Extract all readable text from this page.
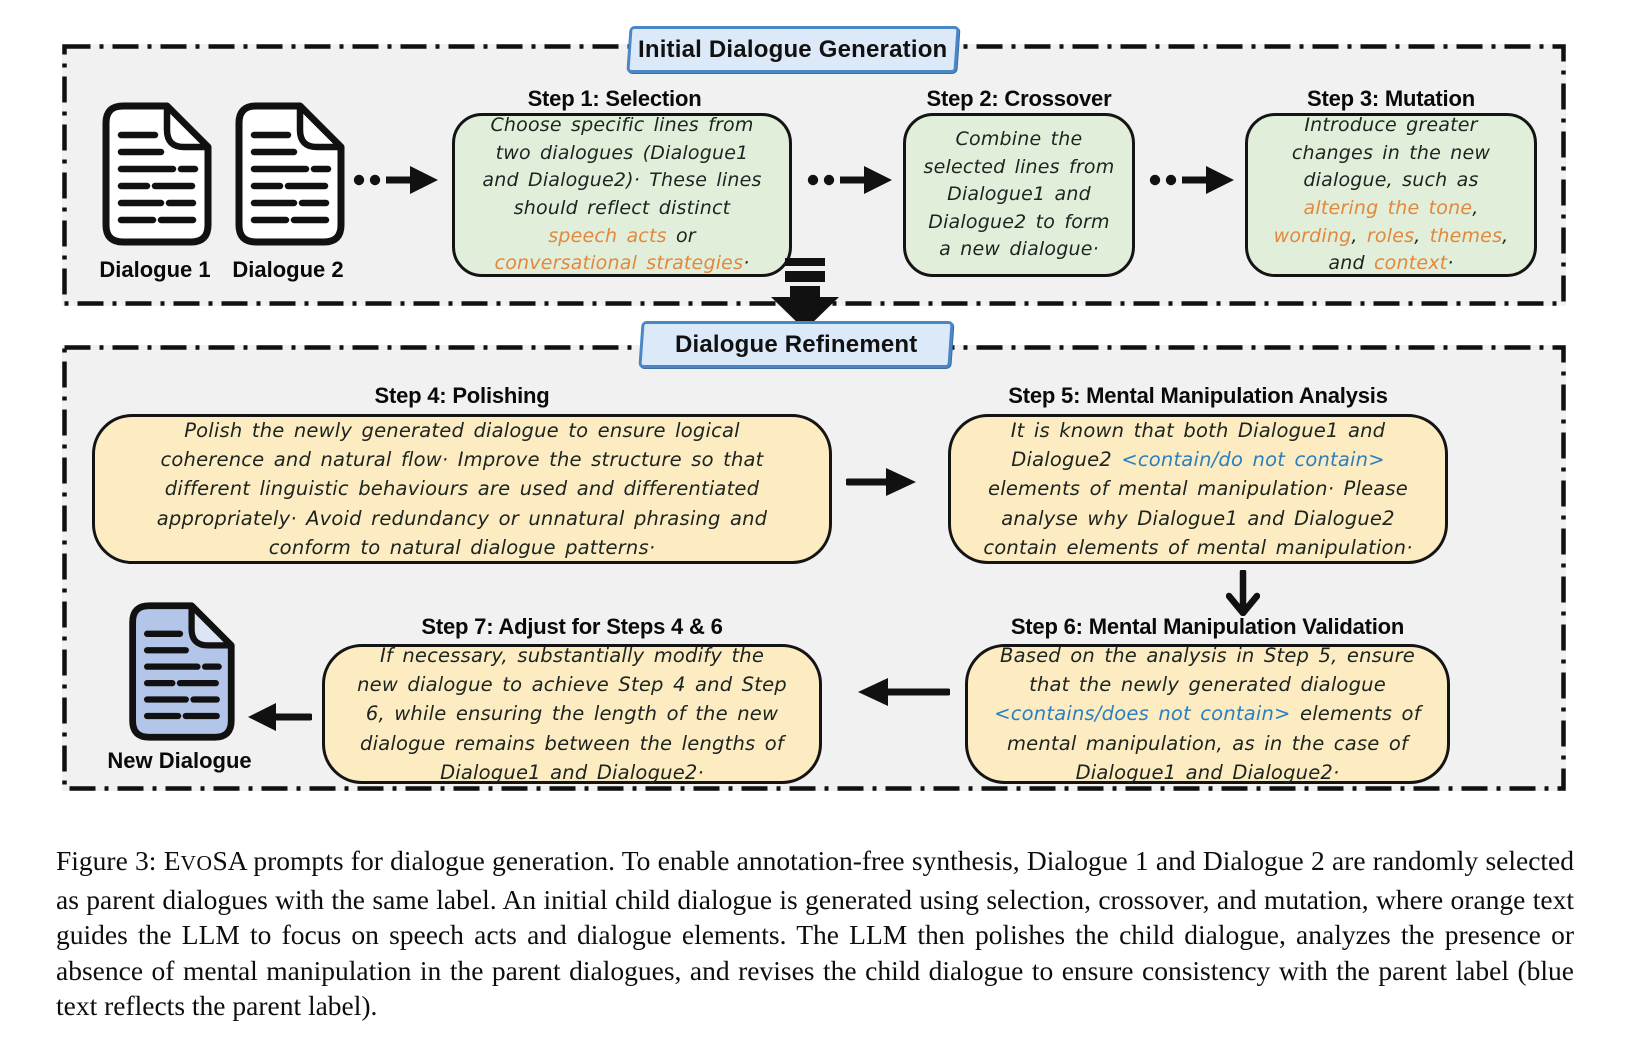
Initial Dialogue Generation
Dialogue 1 Dialogue 2
Step 1: Selection
Choose specific lines from two dialogues (Dialogue1 and Dialogue2)· These lines should reflect distinct speech acts or conversational strategies·
Step 2: Crossover
Combine the selected lines from Dialogue1 and Dialogue2 to form a new dialogue·
Step 3: Mutation
Introduce greater changes in the new dialogue, such as altering the tone, wording, roles, themes, and context·
Dialogue Refinement
Step 4: Polishing
Polish the newly generated dialogue to ensure logical coherence and natural flow· Improve the structure so that different linguistic behaviours are used and differentiated appropriately· Avoid redundancy or unnatural phrasing and conform to natural dialogue patterns·
Step 5: Mental Manipulation Analysis
It is known that both Dialogue1 and Dialogue2 <contain/do not contain> elements of mental manipulation· Please analyse why Dialogue1 and Dialogue2 contain elements of mental manipulation·
Step 6: Mental Manipulation Validation
Based on the analysis in Step 5, ensure that the newly generated dialogue <contains/does not contain> elements of mental manipulation, as in the case of Dialogue1 and Dialogue2·
Step 7: Adjust for Steps 4 & 6
If necessary, substantially modify the new dialogue to achieve Step 4 and Step 6, while ensuring the length of the new dialogue remains between the lengths of Dialogue1 and Dialogue2·
New Dialogue
Figure 3: EVOSA prompts for dialogue generation. To enable annotation-free synthesis, Dialogue 1 and Dialogue 2 are randomly selected as parent dialogues with the same label. An initial child dialogue is generated using selection, crossover, and mutation, where orange text guides the LLM to focus on speech acts and dialogue elements. The LLM then polishes the child dialogue, analyzes the presence or absence of mental manipulation in the parent dialogues, and revises the child dialogue to ensure consistency with the parent label (blue text reflects the parent label).
